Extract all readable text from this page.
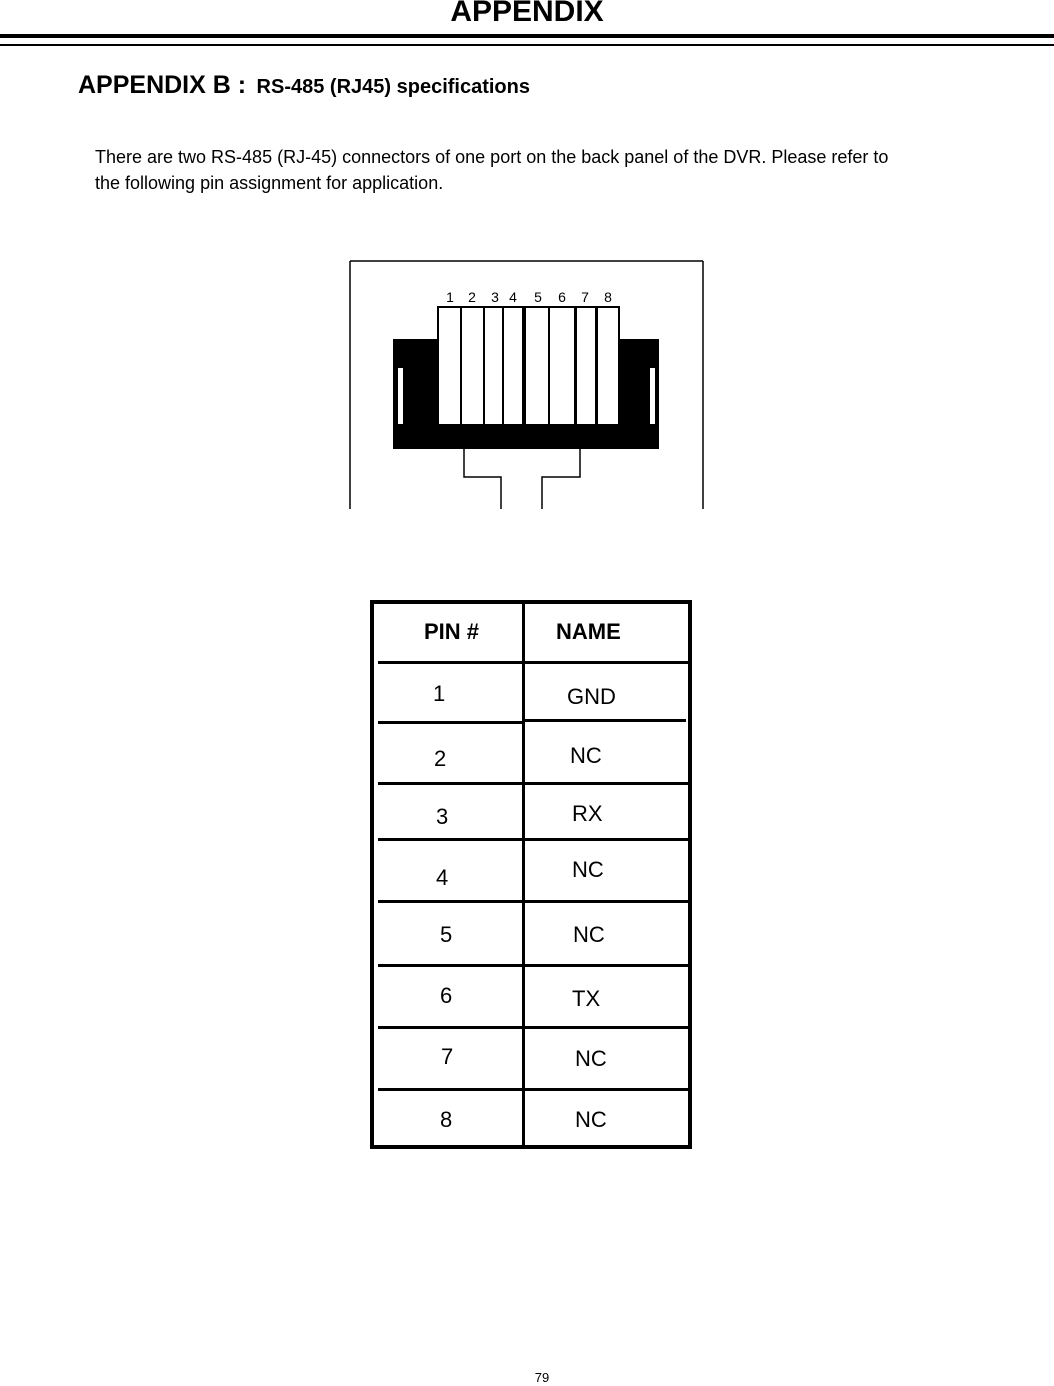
APPENDIX
APPENDIX B : RS-485 (RJ45) specifications
There are two RS-485 (RJ-45) connectors of one port on the back panel of the DVR. Please refer to
the following pin assignment for application.
1 2 3 4 5 6 7 8
PIN #	NAME
1	GND
2	NC
3	RX
4	NC
5	NC
6	TX
7	NC
8	NC
79
